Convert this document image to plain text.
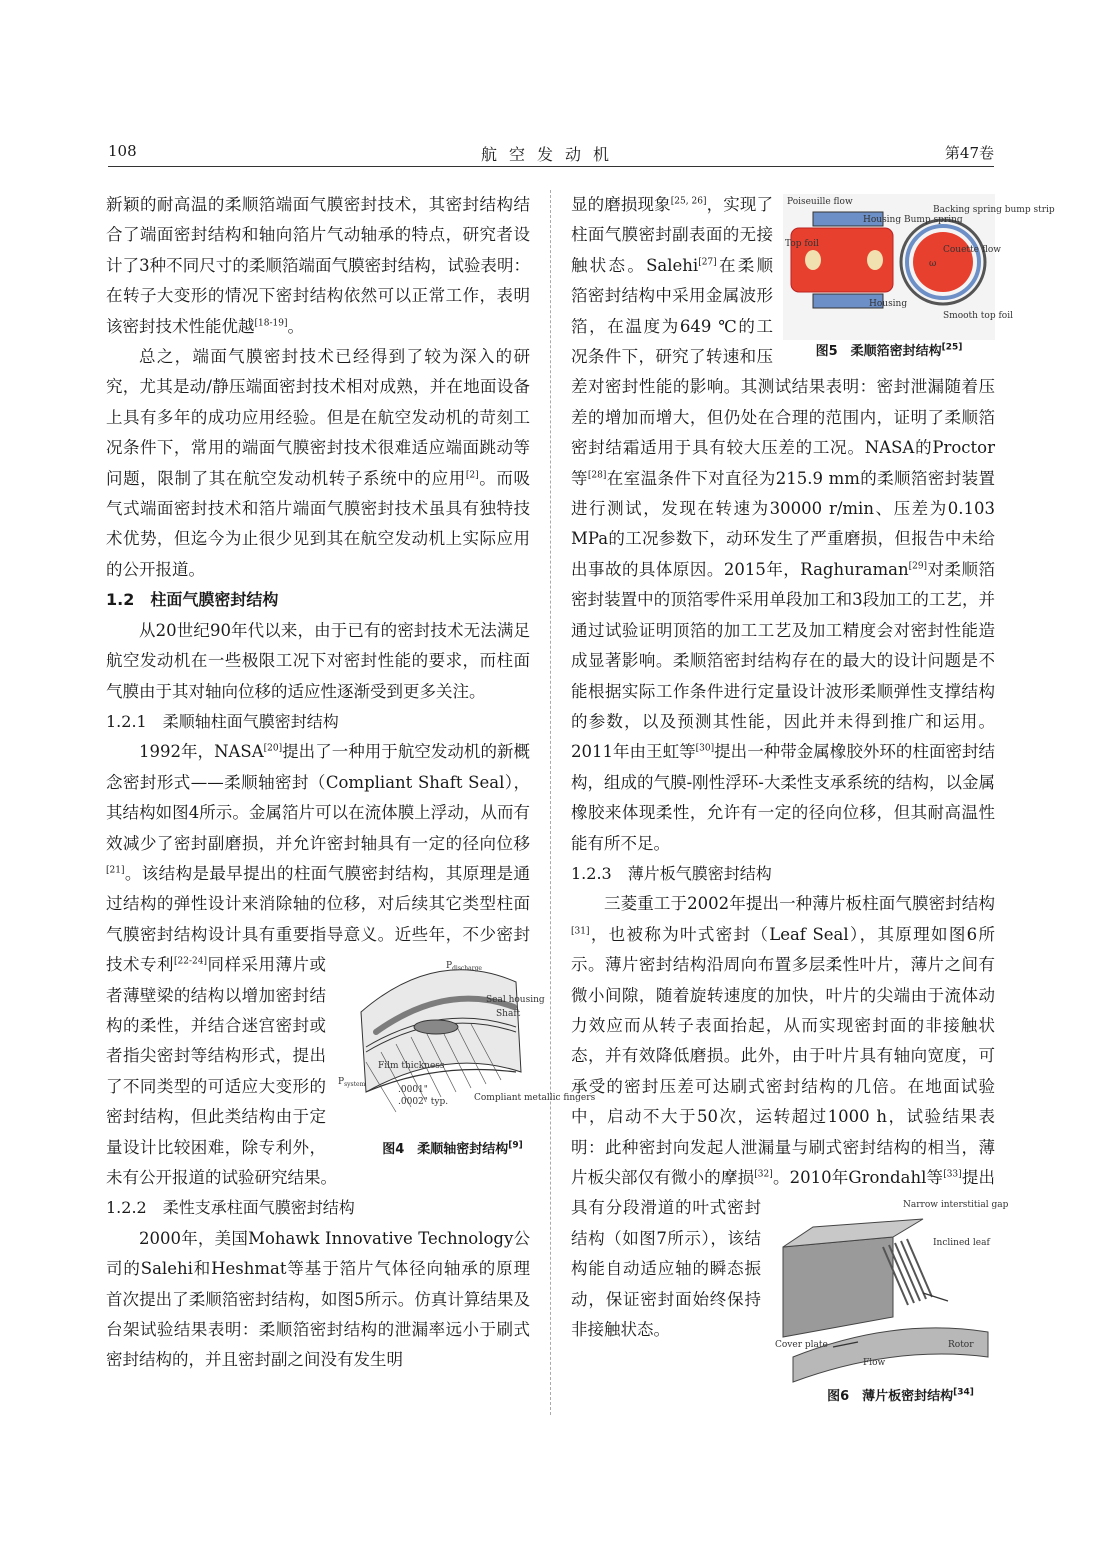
108	航空发动机	第47卷

新颖的耐高温的柔顺箔端面气膜密封技术，其密封结构结合了端面密封结构和轴向箔片气动轴承的特点，研究者设计了3种不同尺寸的柔顺箔端面气膜密封结构，试验表明：在转子大变形的情况下密封结构依然可以正常工作，表明该密封技术性能优越[18-19]。

总之，端面气膜密封技术已经得到了较为深入的研究，尤其是动/静压端面密封技术相对成熟，并在地面设备上具有多年的成功应用经验。但是在航空发动机的苛刻工况条件下，常用的端面气膜密封技术很难适应端面跳动等问题，限制了其在航空发动机转子系统中的应用[2]。而吸气式端面密封技术和箔片端面气膜密封技术虽具有独特技术优势，但迄今为止很少见到其在航空发动机上实际应用的公开报道。

1.2　柱面气膜密封结构

从20世纪90年代以来，由于已有的密封技术无法满足航空发动机在一些极限工况下对密封性能的要求，而柱面气膜由于其对轴向位移的适应性逐渐受到更多关注。

1.2.1　柔顺轴柱面气膜密封结构

1992年，NASA[20]提出了一种用于航空发动机的新概念密封形式——柔顺轴密封（Compliant Shaft Seal），其结构如图4所示。金属箔片可以在流体膜上浮动，从而有效减少了密封副磨损，并允许密封轴具有一定的径向位移[21]。该结构是最早提出的柱面气膜密封结构，其原理是通过结构的弹性设计来消除轴的位移，对后续其它类型柱面气膜密封结构设计具有重要指导意义。近些年，不少密封技术专利[22-24]	$P_{discharge}$
Seal housing
Shaft
$P_{system}$
Film thickness
.0001"
.0002" typ.	Compliant metallic fingers
图4　柔顺轴密封结构[9]
同样采用薄片或者薄壁梁的结构以增加密封结构的柔性，并结合迷宫密封或者指尖密封等结构形式，提出了不同类型的可适应大变形的密封结构，但此类结构由于定量设计比较困难，除专利外，未有公开报道的试验研究结果。

1.2.2　柔性支承柱面气膜密封结构

2000年，美国Mohawk Innovative Technology公司的Salehi和Heshmat等基于箔片气体径向轴承的原理首次提出了柔顺箔密封结构，如图5所示。仿真计算结果及台架试验结果表明：柔顺箔密封结构的泄漏率远小于刷式密封结构的，并且密封副之间没有发生明

Poiseuille flow
Housing Bump spring
Backing spring bump strip
Top foil
Couette flow
ω
Housing
Smooth top foil
图5　柔顺箔密封结构[25]
显的磨损现象[25, 26]，实现了柱面气膜密封副表面的无接触状态。Salehi[27]在柔顺箔密封结构中采用金属波形箔，在温度为649 ℃的工况条件下，研究了转速和压差对密封性能的影响。其测试结果表明：密封泄漏随着压差的增加而增大，但仍处在合理的范围内，证明了柔顺箔密封结霜适用于具有较大压差的工况。NASA的Proctor等[28]在室温条件下对直径为215.9 mm的柔顺箔密封装置进行测试，发现在转速为30000 r/min、压差为0.103 MPa的工况参数下，动环发生了严重磨损，但报告中未给出事故的具体原因。2015年，Raghuraman[29]对柔顺箔密封装置中的顶箔零件采用单段加工和3段加工的工艺，并通过试验证明顶箔的加工工艺及加工精度会对密封性能造成显著影响。柔顺箔密封结构存在的最大的设计问题是不能根据实际工作条件进行定量设计波形柔顺弹性支撑结构的参数，以及预测其性能，因此并未得到推广和运用。2011年由王虹等[30]提出一种带金属橡胶外环的柱面密封结构，组成的气膜-刚性浮环-大柔性支承系统的结构，以金属橡胶来体现柔性，允许有一定的径向位移，但其耐高温性能有所不足。

1.2.3　薄片板气膜密封结构

三菱重工于2002年提出一种薄片板柱面气膜密封结构[31]，也被称为叶式密封（Leaf Seal），其原理如图6所示。薄片密封结构沿周向布置多层柔性叶片，薄片之间有微小间隙，随着旋转速度的加快，叶片的尖端由于流体动力效应而从转子表面抬起，从而实现密封面的非接触状态，并有效降低磨损。此外，由于叶片具有轴向宽度，可承受的密封压差可达刷式密封结构的几倍。在地面试验中，启动不大于50次，运转超过1000 h，试验结果表明：此种密封向发起人泄漏量与刷式密封结构的相当，薄片板尖部仅有微小的摩损[32]。2010年Grondahl等[33]
Narrow interstitial gap
Inclined leaf
Cover plate
Flow
Rotor
图6　薄片板密封结构[34]
提出具有分段滑道的叶式密封结构（如图7所示），该结构能自动适应轴的瞬态振动，保证密封面始终保持非接触状态。
